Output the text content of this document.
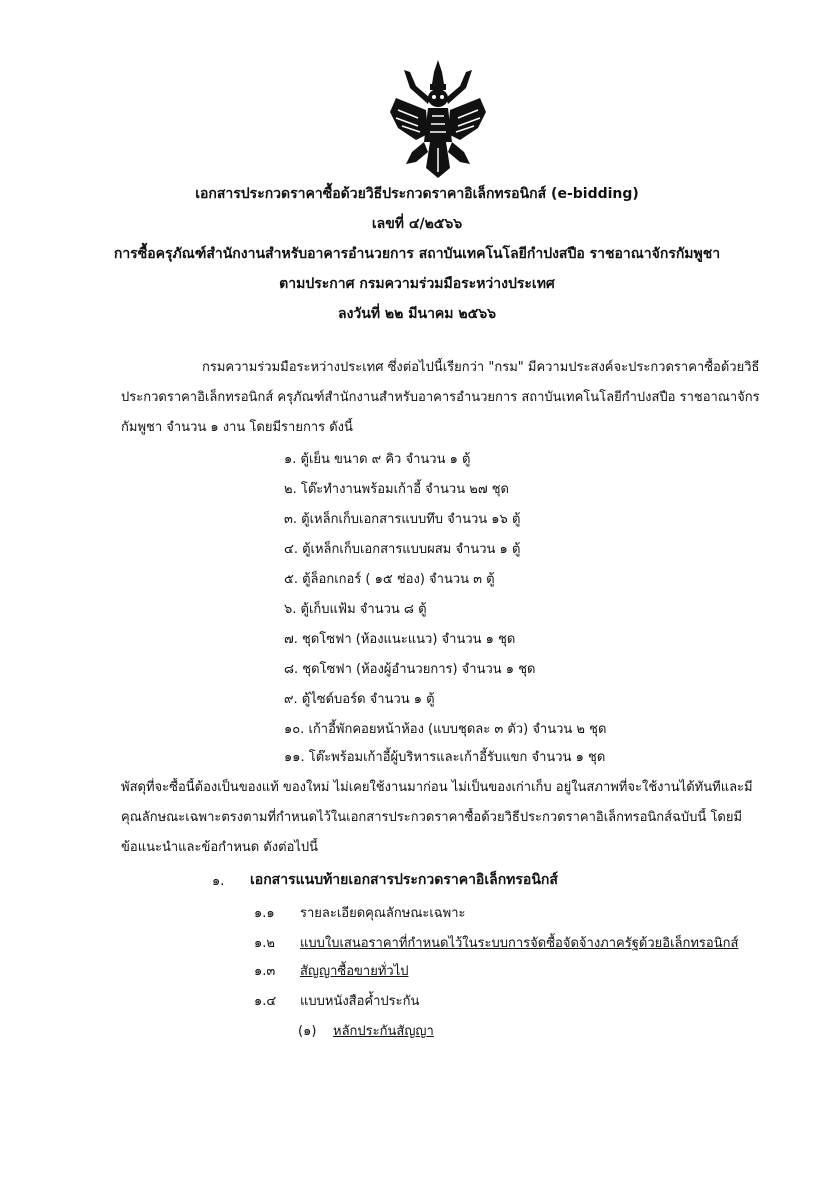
เอกสารประกวดราคาซื้อด้วยวิธีประกวดราคาอิเล็กทรอนิกส์ (e-bidding)
เลขที่ ๔/๒๕๖๖
การซื้อครุภัณฑ์สำนักงานสำหรับอาคารอำนวยการ สถาบันเทคโนโลยีกำปงสปือ ราชอาณาจักรกัมพูชา
ตามประกาศ กรมความร่วมมือระหว่างประเทศ
ลงวันที่ ๒๒ มีนาคม ๒๕๖๖
กรมความร่วมมือระหว่างประเทศ ซึ่งต่อไปนี้เรียกว่า "กรม" มีความประสงค์จะประกวดราคาซื้อด้วยวิธี
ประกวดราคาอิเล็กทรอนิกส์ ครุภัณฑ์สำนักงานสำหรับอาคารอำนวยการ สถาบันเทคโนโลยีกำปงสปือ ราชอาณาจักร
กัมพูชา จำนวน ๑ งาน โดยมีรายการ ดังนี้
๑. ตู้เย็น ขนาด ๙ คิว จำนวน ๑ ตู้
๒. โต๊ะทำงานพร้อมเก้าอี้ จำนวน ๒๗ ชุด
๓. ตู้เหล็กเก็บเอกสารแบบทึบ จำนวน ๑๖ ตู้
๔. ตู้เหล็กเก็บเอกสารแบบผสม จำนวน ๑ ตู้
๕. ตู้ล็อกเกอร์ ( ๑๕ ช่อง) จำนวน ๓ ตู้
๖. ตู้เก็บแฟ้ม จำนวน ๘ ตู้
๗. ชุดโซฟา (ห้องแนะแนว) จำนวน ๑ ชุด
๘. ชุดโซฟา (ห้องผู้อำนวยการ) จำนวน ๑ ชุด
๙. ตู้ไซด์บอร์ด จำนวน ๑ ตู้
๑๐. เก้าอี้พักคอยหน้าห้อง (แบบชุดละ ๓ ตัว) จำนวน ๒ ชุด
๑๑. โต๊ะพร้อมเก้าอี้ผู้บริหารและเก้าอี้รับแขก จำนวน ๑ ชุด
พัสดุที่จะซื้อนี้ต้องเป็นของแท้ ของใหม่ ไม่เคยใช้งานมาก่อน ไม่เป็นของเก่าเก็บ อยู่ในสภาพที่จะใช้งานได้ทันทีและมี
คุณลักษณะเฉพาะตรงตามที่กำหนดไว้ในเอกสารประกวดราคาซื้อด้วยวิธีประกวดราคาอิเล็กทรอนิกส์ฉบับนี้ โดยมี
ข้อแนะนำและข้อกำหนด ดังต่อไปนี้
๑. เอกสารแนบท้ายเอกสารประกวดราคาอิเล็กทรอนิกส์
๑.๑ รายละเอียดคุณลักษณะเฉพาะ
๑.๒ แบบใบเสนอราคาที่กำหนดไว้ในระบบการจัดซื้อจัดจ้างภาครัฐด้วยอิเล็กทรอนิกส์
๑.๓ สัญญาซื้อขายทั่วไป
๑.๔ แบบหนังสือค้ำประกัน
(๑) หลักประกันสัญญา
